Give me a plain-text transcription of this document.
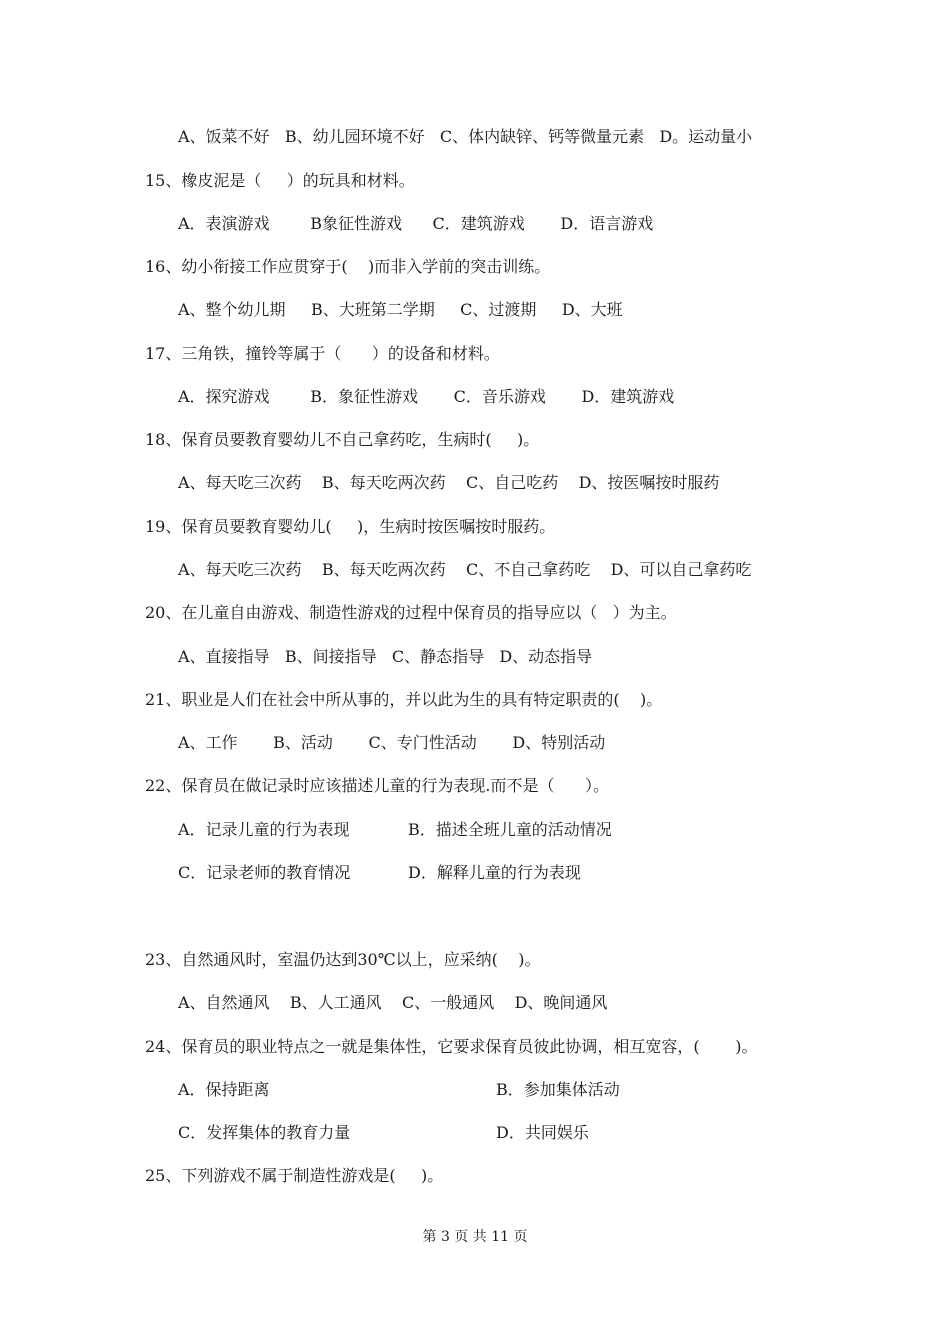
A、饭菜不好   B、幼儿园环境不好   C、体内缺锌、钙等微量元素   D。运动量小
15、橡皮泥是（     ）的玩具和材料。
A．表演游戏        B象征性游戏      C．建筑游戏       D．语言游戏
16、幼小衔接工作应贯穿于(    )而非入学前的突击训练。
A、整个幼儿期     B、大班第二学期     C、过渡期     D、大班
17、三角铁，撞铃等属于（      ）的设备和材料。
A．探究游戏        B．象征性游戏       C．音乐游戏       D．建筑游戏
18、保育员要教育婴幼儿不自己拿药吃，生病时(     )。
A、每天吃三次药    B、每天吃两次药    C、自己吃药    D、按医嘱按时服药
19、保育员要教育婴幼儿(     )，生病时按医嘱按时服药。
A、每天吃三次药    B、每天吃两次药    C、不自己拿药吃    D、可以自己拿药吃
20、在儿童自由游戏、制造性游戏的过程中保育员的指导应以（   ）为主。
A、直接指导   B、间接指导   C、静态指导   D、动态指导
21、职业是人们在社会中所从事的，并以此为生的具有特定职责的(    )。
A、工作       B、活动       C、专门性活动       D、特别活动
22、保育员在做记录时应该描述儿童的行为表现.而不是（      ）。
A．记录儿童的行为表现	B．描述全班儿童的活动情况
C．记录老师的教育情况	D．解释儿童的行为表现
23、自然通风时，室温仍达到30℃以上，应采纳(    )。
A、自然通风    B、人工通风    C、一般通风    D、晚间通风
24、保育员的职业特点之一就是集体性，它要求保育员彼此协调，相互宽容，(       )。
A．保持距离	B．参加集体活动
C．发挥集体的教育力量	D．共同娱乐
25、下列游戏不属于制造性游戏是(     )。
第 3 页 共 11 页
